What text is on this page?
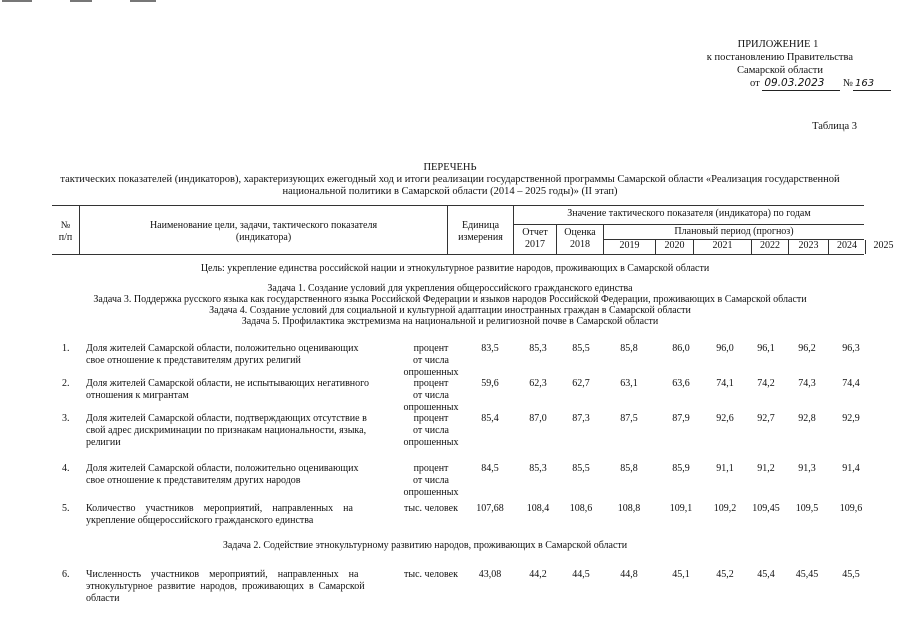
ПРИЛОЖЕНИЕ 1
к постановлению Правительства
Самарской области
от 09.03.2023 № 163
Таблица 3
ПЕРЕЧЕНЬ
тактических показателей (индикаторов), характеризующих ежегодный ход и итоги реализации государственной программы Самарской области «Реализация государственной
национальной политики в Самарской области (2014 – 2025 годы)» (II этап)
№
п/п
Наименование цели, задачи, тактического показателя
(индикатора)
Единица
измерения
Значение тактического показателя (индикатора) по годам
Отчет
2017
Оценка
2018
Плановый период (прогноз)
2019	2020	2021	2022	2023	2024	2025
Цель: укрепление единства российской нации и этнокультурное развитие народов, проживающих в Самарской области
Задача 1. Создание условий для укрепления общероссийского гражданского единства
Задача 3. Поддержка русского языка как государственного языка Российской Федерации и языков народов Российской Федерации, проживающих в Самарской области
Задача 4. Создание условий для социальной и культурной адаптации иностранных граждан в Самарской области
Задача 5. Профилактика экстремизма на национальной и религиозной почве в Самарской области
1. Доля жителей Самарской области, положительно оценивающих
свое отношение к представителям других религий
процент
от числа
опрошенных
83,5	85,3	85,5	85,8	86,0	96,0	96,1	96,2	96,3
2. Доля жителей Самарской области, не испытывающих негативного
отношения к мигрантам
процент
от числа
опрошенных
59,6	62,3	62,7	63,1	63,6	74,1	74,2	74,3	74,4
3. Доля жителей Самарской области, подтверждающих отсутствие в
свой адрес дискриминации по признакам национальности, языка,
религии
процент
от числа
опрошенных
85,4	87,0	87,3	87,5	87,9	92,6	92,7	92,8	92,9
4. Доля жителей Самарской области, положительно оценивающих
свое отношение к представителям других народов
процент
от числа
опрошенных
84,5	85,3	85,5	85,8	85,9	91,1	91,2	91,3	91,4
5. Количество    участников    мероприятий,    направленных    на
укрепление общероссийского гражданского единства
тыс. человек	107,68	108,4	108,6	108,8	109,1	109,2	109,45	109,5	109,6
6. Численность    участников    мероприятий,    направленных    на
этнокультурное  развитие  народов,  проживающих  в  Самарской
области
тыс. человек	43,08	44,2	44,5	44,8	45,1	45,2	45,4	45,45	45,5
Задача 2. Содействие этнокультурному развитию народов, проживающих в Самарской области
